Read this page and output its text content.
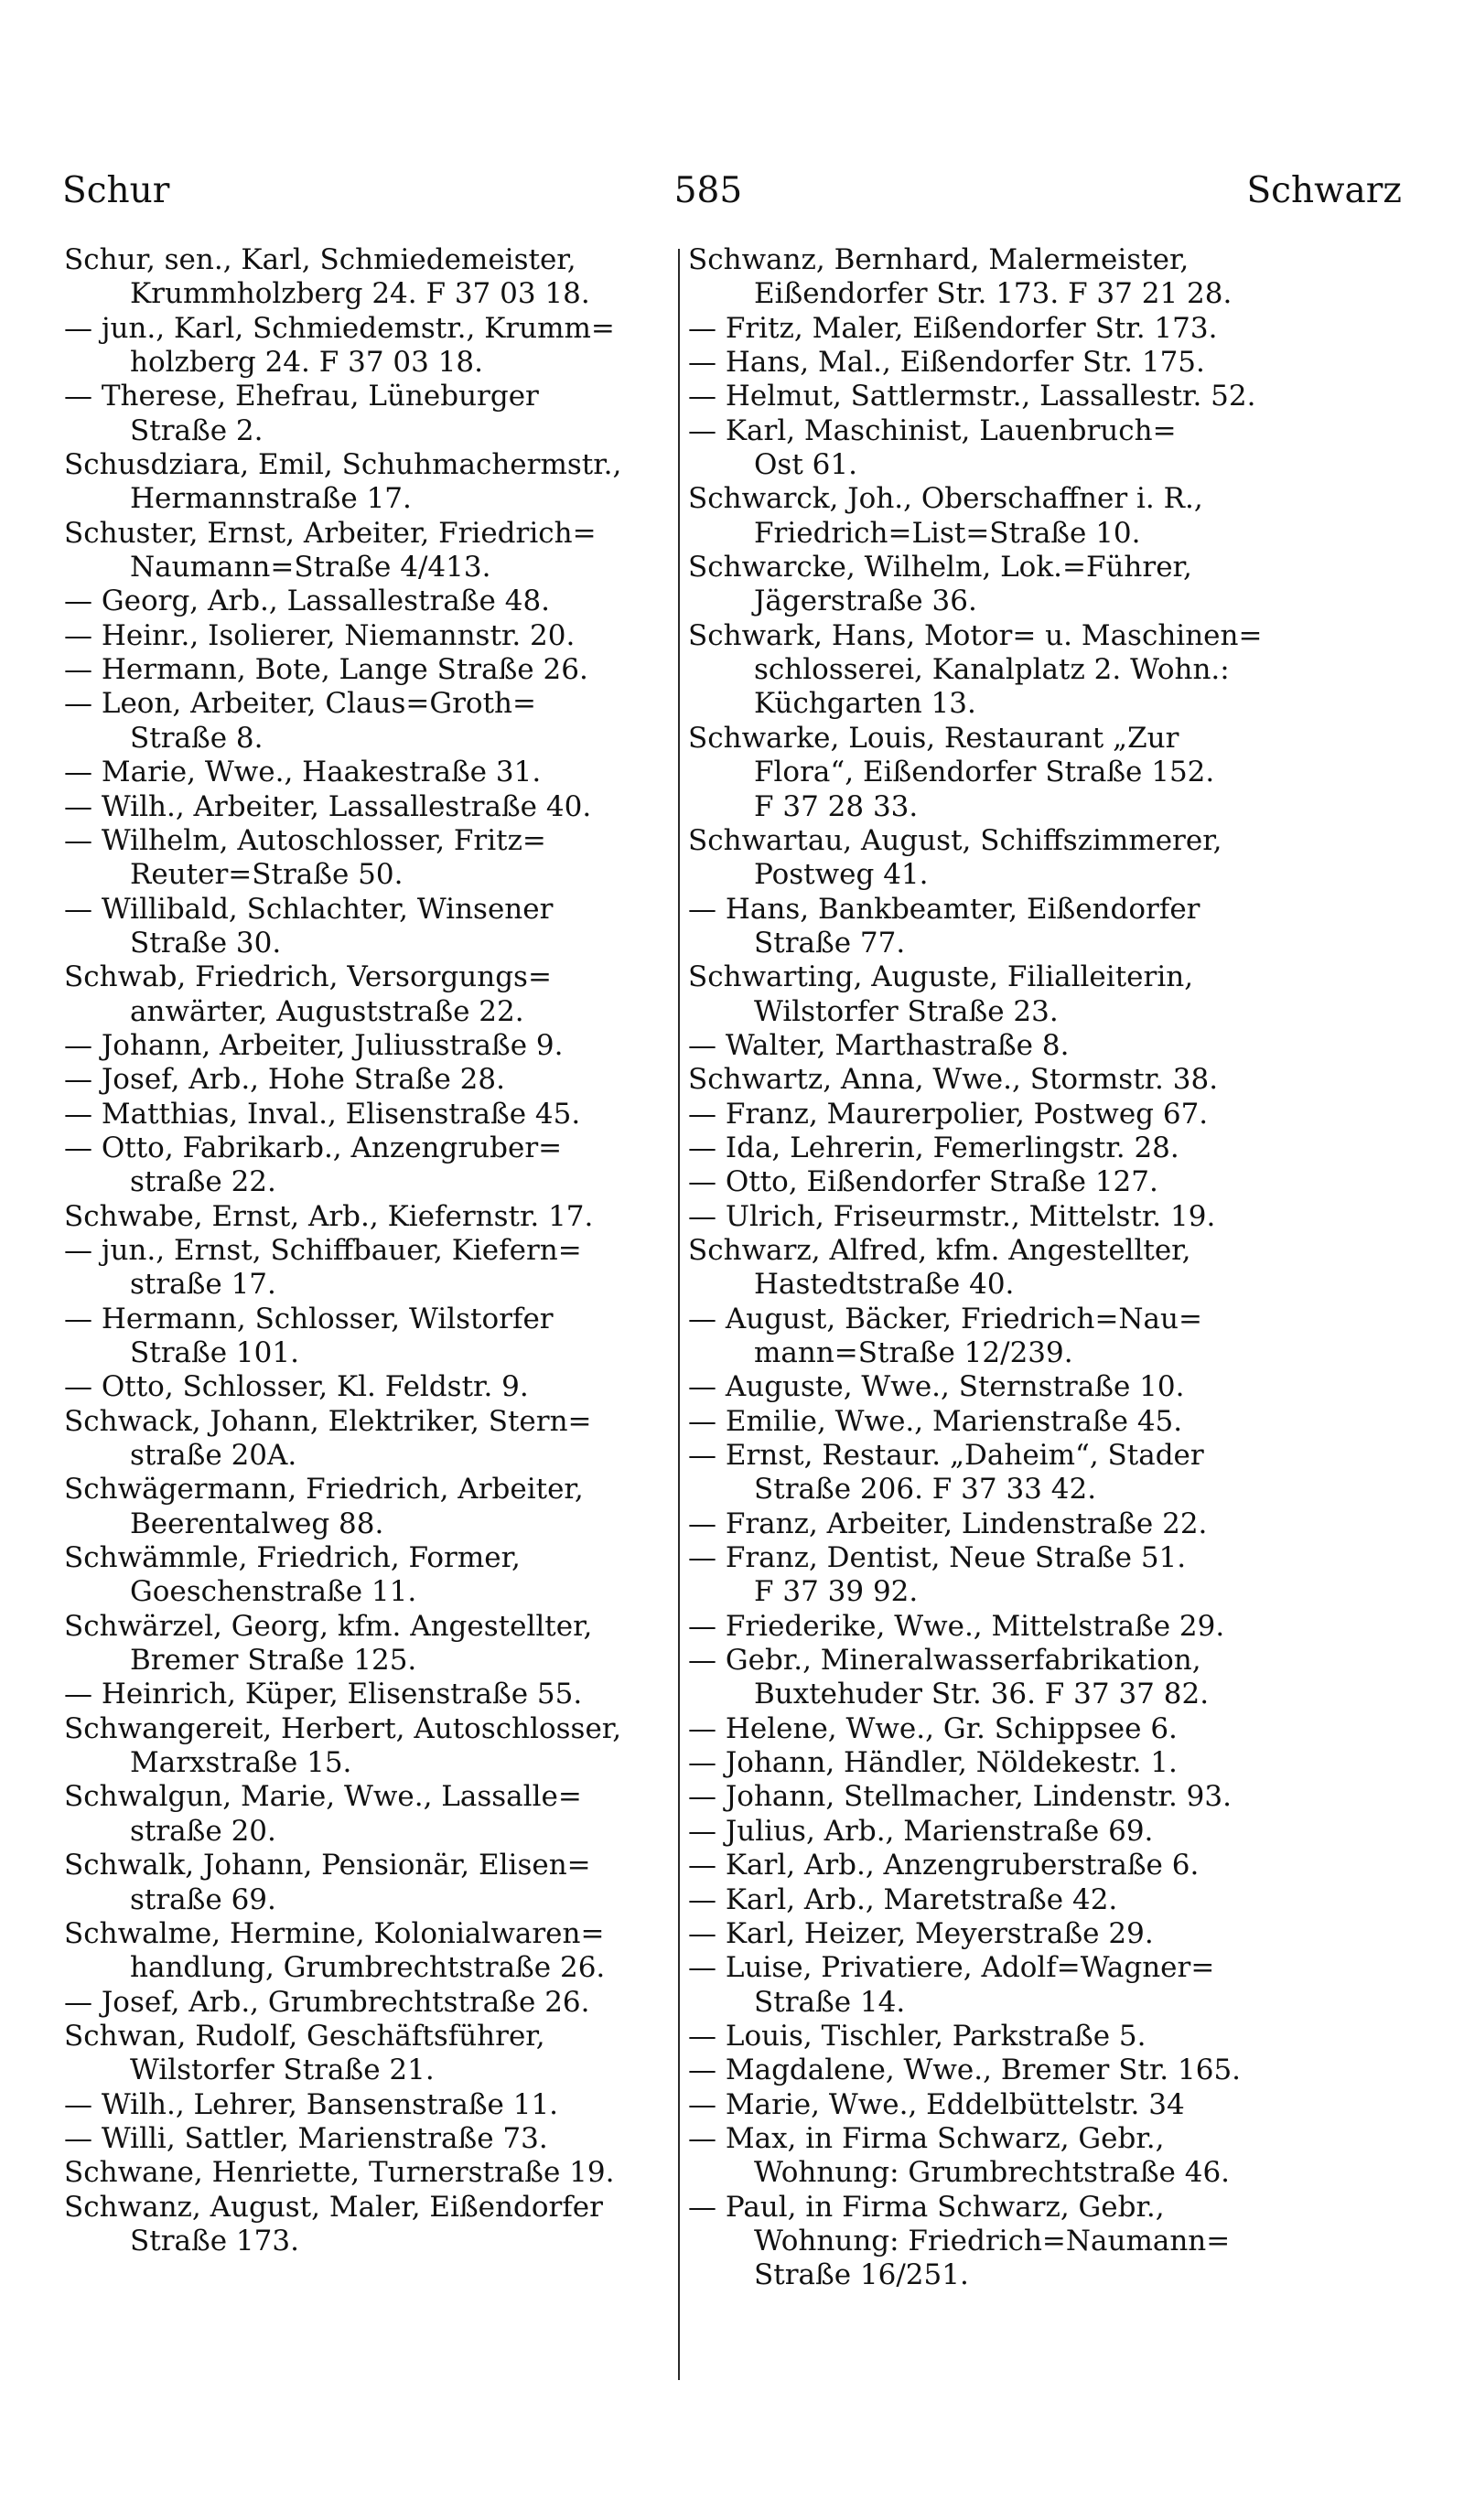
Schur	585	Schwarz
Schur, sen., Karl, Schmiedemeister,
Krummholzberg 24. F 37 03 18.
— jun., Karl, Schmiedemstr., Krumm=
holzberg 24. F 37 03 18.
— Therese, Ehefrau, Lüneburger
Straße 2.
Schusdziara, Emil, Schuhmachermstr.,
Hermannstraße 17.
Schuster, Ernst, Arbeiter, Friedrich=
Naumann=Straße 4/413.
— Georg, Arb., Lassallestraße 48.
— Heinr., Isolierer, Niemannstr. 20.
— Hermann, Bote, Lange Straße 26.
— Leon, Arbeiter, Claus=Groth=
Straße 8.
— Marie, Wwe., Haakestraße 31.
— Wilh., Arbeiter, Lassallestraße 40.
— Wilhelm, Autoschlosser, Fritz=
Reuter=Straße 50.
— Willibald, Schlachter, Winsener
Straße 30.
Schwab, Friedrich, Versorgungs=
anwärter, Auguststraße 22.
— Johann, Arbeiter, Juliusstraße 9.
— Josef, Arb., Hohe Straße 28.
— Matthias, Inval., Elisenstraße 45.
— Otto, Fabrikarb., Anzengruber=
straße 22.
Schwabe, Ernst, Arb., Kiefernstr. 17.
— jun., Ernst, Schiffbauer, Kiefern=
straße 17.
— Hermann, Schlosser, Wilstorfer
Straße 101.
— Otto, Schlosser, Kl. Feldstr. 9.
Schwack, Johann, Elektriker, Stern=
straße 20A.
Schwägermann, Friedrich, Arbeiter,
Beerentalweg 88.
Schwämmle, Friedrich, Former,
Goeschenstraße 11.
Schwärzel, Georg, kfm. Angestellter,
Bremer Straße 125.
— Heinrich, Küper, Elisenstraße 55.
Schwangereit, Herbert, Autoschlosser,
Marxstraße 15.
Schwalgun, Marie, Wwe., Lassalle=
straße 20.
Schwalk, Johann, Pensionär, Elisen=
straße 69.
Schwalme, Hermine, Kolonialwaren=
handlung, Grumbrechtstraße 26.
— Josef, Arb., Grumbrechtstraße 26.
Schwan, Rudolf, Geschäftsführer,
Wilstorfer Straße 21.
— Wilh., Lehrer, Bansenstraße 11.
— Willi, Sattler, Marienstraße 73.
Schwane, Henriette, Turnerstraße 19.
Schwanz, August, Maler, Eißendorfer
Straße 173.
Schwanz, Bernhard, Malermeister,
Eißendorfer Str. 173. F 37 21 28.
— Fritz, Maler, Eißendorfer Str. 173.
— Hans, Mal., Eißendorfer Str. 175.
— Helmut, Sattlermstr., Lassallestr. 52.
— Karl, Maschinist, Lauenbruch=
Ost 61.
Schwarck, Joh., Oberschaffner i. R.,
Friedrich=List=Straße 10.
Schwarcke, Wilhelm, Lok.=Führer,
Jägerstraße 36.
Schwark, Hans, Motor= u. Maschinen=
schlosserei, Kanalplatz 2. Wohn.:
Küchgarten 13.
Schwarke, Louis, Restaurant „Zur
Flora“, Eißendorfer Straße 152.
F 37 28 33.
Schwartau, August, Schiffszimmerer,
Postweg 41.
— Hans, Bankbeamter, Eißendorfer
Straße 77.
Schwarting, Auguste, Filialleiterin,
Wilstorfer Straße 23.
— Walter, Marthastraße 8.
Schwartz, Anna, Wwe., Stormstr. 38.
— Franz, Maurerpolier, Postweg 67.
— Ida, Lehrerin, Femerlingstr. 28.
— Otto, Eißendorfer Straße 127.
— Ulrich, Friseurmstr., Mittelstr. 19.
Schwarz, Alfred, kfm. Angestellter,
Hastedtstraße 40.
— August, Bäcker, Friedrich=Nau=
mann=Straße 12/239.
— Auguste, Wwe., Sternstraße 10.
— Emilie, Wwe., Marienstraße 45.
— Ernst, Restaur. „Daheim“, Stader
Straße 206. F 37 33 42.
— Franz, Arbeiter, Lindenstraße 22.
— Franz, Dentist, Neue Straße 51.
F 37 39 92.
— Friederike, Wwe., Mittelstraße 29.
— Gebr., Mineralwasserfabrikation,
Buxtehuder Str. 36. F 37 37 82.
— Helene, Wwe., Gr. Schippsee 6.
— Johann, Händler, Nöldekestr. 1.
— Johann, Stellmacher, Lindenstr. 93.
— Julius, Arb., Marienstraße 69.
— Karl, Arb., Anzengruberstraße 6.
— Karl, Arb., Maretstraße 42.
— Karl, Heizer, Meyerstraße 29.
— Luise, Privatiere, Adolf=Wagner=
Straße 14.
— Louis, Tischler, Parkstraße 5.
— Magdalene, Wwe., Bremer Str. 165.
— Marie, Wwe., Eddelbüttelstr. 34
— Max, in Firma Schwarz, Gebr.,
Wohnung: Grumbrechtstraße 46.
— Paul, in Firma Schwarz, Gebr.,
Wohnung: Friedrich=Naumann=
Straße 16/251.
